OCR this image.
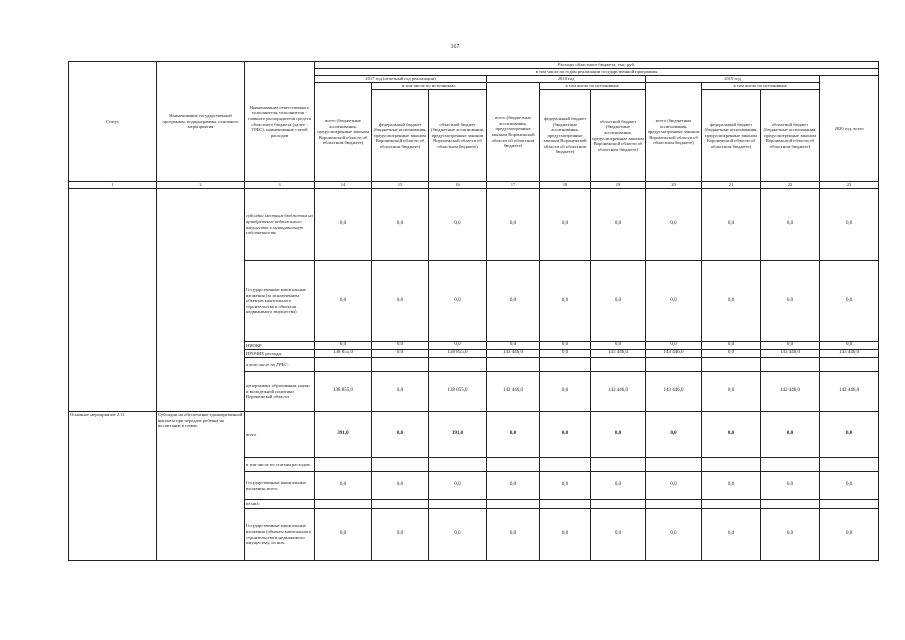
167
Статус	Наименование государственной программы, подпрограммы, основного мероприятия	Наименование ответственного исполнителя, исполнителя - главного распорядителя средств областного бюджета (далее - ГРБС), наименование статей расходов	Расходы областного бюджета, тыс. руб.									
			в том числе по годам реализации государственной программы									
			2017 год (отчетный год реализации)			2018 год			2019 год			2020 год, всего
			всего (бюджетные ассигнования, предусмотренные законом Воронежской области об областном бюджете)	в том числе по источникам:		всего (бюджетные ассигнования, предусмотренные законом Воронежской области об областном бюджете)	в том числе по источникам:		всего (бюджетные ассигнования, предусмотренные законом Воронежской области об областном бюджете)	в том числе по источникам:		
				федеральный бюджет (бюджетные ассигнования, предусмотренные законом Воронежской области об областном бюджете)	областной бюджет (бюджетные ассигнования, предусмотренные законом Воронежской области об областном бюджете)		федеральный бюджет (бюджетные ассигнования, предусмотренные законом Воронежской области об областном бюджете)	областной бюджет (бюджетные ассигнования, предусмотренные законом Воронежской области об областном бюджете)		федеральный бюджет (бюджетные ассигнования, предусмотренные законом Воронежской области об областном бюджете)	областной бюджет (бюджетные ассигнования, предусмотренные законом Воронежской области об областном бюджете)	
1	2	3	14	15	16	17	18	19	20	21	22	23
		субсидии местным бюджетам на приобретение недвижимого имущества в муниципальную собственность	0,0	0,0	0,0	0,0	0,0	0,0	0,0	0,0	0,0	0,0
		Государственные капитальные вложения (за исключением объектов капитального строительства и объектов недвижимого имущества)	0,0	0,0	0,0	0,0	0,0	0,0	0,0	0,0	0,0	0,0
		НИОКР	0,0	0,0	0,0	0,0	0,0	0,0	0,0	0,0	0,0	0,0
		ПРОЧИЕ расходы	138 855,0	0,0	138 855,0	143 446,0	0,0	143 446,0	143 446,0	0,0	143 446,0	143 446,0
		в том числе по ГРБС:										
		департамент образования, науки и молодежной политики Воронежской области	138 855,0	0,0	138 855,0	143 446,0	0,0	143 446,0	143 446,0	0,0	143 446,0	143 446,0
Основное мероприятие 2.11	Субсидии на обеспечение единовременной выплаты при передаче ребенка на воспитание в семью	всего	391,0	0,0	391,0	0,0	0,0	0,0	0,0	0,0	0,0	0,0
		в том числе по статьям расходов:										
		Государственные капитальные вложения, всего	0,0	0,0	0,0	0,0	0,0	0,0	0,0	0,0	0,0	0,0
		из них:										
		Государственные капитальные вложения (объекты капитального строительства и недвижимого имущества), из них:	0,0	0,0	0,0	0,0	0,0	0,0	0,0	0,0	0,0	0,0
